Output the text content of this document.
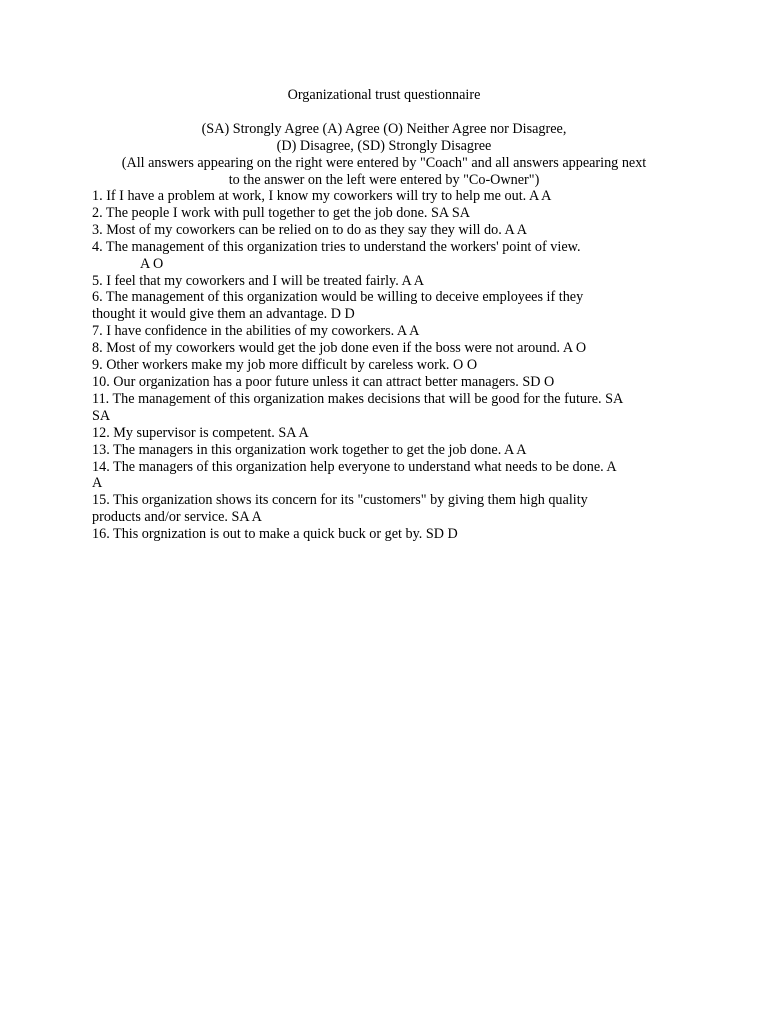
Organizational trust questionnaire
(SA) Strongly Agree (A) Agree (O) Neither Agree nor Disagree,
(D) Disagree, (SD) Strongly Disagree
(All answers appearing on the right were entered by "Coach" and all answers appearing next
to the answer on the left were entered by "Co-Owner")
1. If I have a problem at work, I know my coworkers will try to help me out. A A
2. The people I work with pull together to get the job done. SA SA
3. Most of my coworkers can be relied on to do as they say they will do. A A
4. The management of this organization tries to understand the workers' point of view.
A O
5. I feel that my coworkers and I will be treated fairly. A A
6. The management of this organization would be willing to deceive employees if they
thought it would give them an advantage. D D
7. I have confidence in the abilities of my coworkers. A A
8. Most of my coworkers would get the job done even if the boss were not around. A O
9. Other workers make my job more difficult by careless work. O O
10. Our organization has a poor future unless it can attract better managers. SD O
11. The management of this organization makes decisions that will be good for the future. SA
SA
12. My supervisor is competent. SA A
13. The managers in this organization work together to get the job done. A A
14. The managers of this organization help everyone to understand what needs to be done. A
A
15. This organization shows its concern for its "customers" by giving them high quality
products and/or service. SA A
16. This orgnization is out to make a quick buck or get by. SD D
